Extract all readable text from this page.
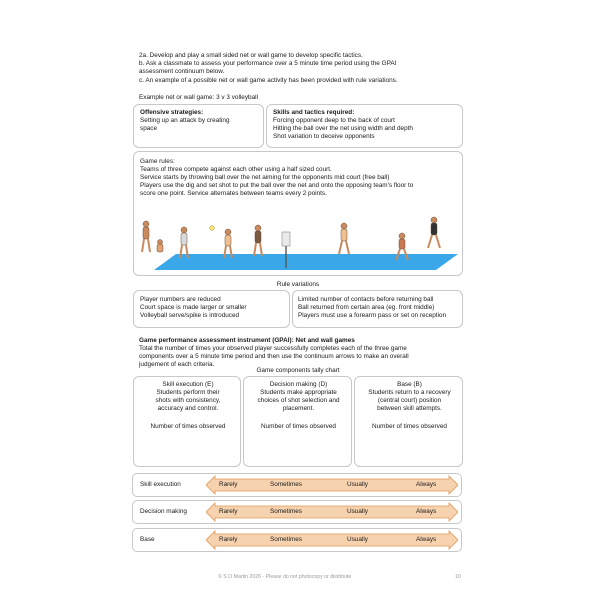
2a. Develop and play a small sided net or wall game to develop specific tactics.
b. Ask a classmate to assess your performance over a 5 minute time period using the GPAI
assessment continuum below.
c. An example of a possible net or wall game activity has been provided with rule variations.
Example net or wall game: 3 v 3 volleyball
Offensive strategies:
Setting up an attack by creating
space
Skills and tactics required:
Forcing opponent deep to the back of court
Hitting the ball over the net using width and depth
Shot variation to deceive opponents
Game rules:
Teams of three compete against each other using a half sized court.
Service starts by throwing ball over the net aiming for the opponents mid court (free ball)
Players use the dig and set shot to put the ball over the net and onto the opposing team's floor to
score one point. Service alternates between teams every 2 points.
Rule variations
Player numbers are reduced
Court space is made larger or smaller
Volleyball serve/spike is introduced
Limited number of contacts before returning ball
Ball returned from certain area (eg. front middle)
Players must use a forearm pass or set on reception
Game performance assessment instrument (GPAI): Net and wall games
Total the number of times your observed player successfully completes each of the three game
components over a 5 minute time period and then use the continuum arrows to make an overall
judgement of each criteria.
Game components tally chart
Skill execution (E)
Students perform their
shots with consistency,
accuracy and control.
Number of times observed
Decision making (D)
Students make appropriate
choices of shot selection and
placement.
Number of times observed
Base (B)
Students return to a recovery
(central court) position
between skill attempts.
Number of times observed
Skill execution	Rarely	Sometimes	Usually	Always
Decision making	Rarely	Sometimes	Usually	Always
Base	Rarely	Sometimes	Usually	Always
© S O Martin 2026 - Please do not photocopy or distribute	10
